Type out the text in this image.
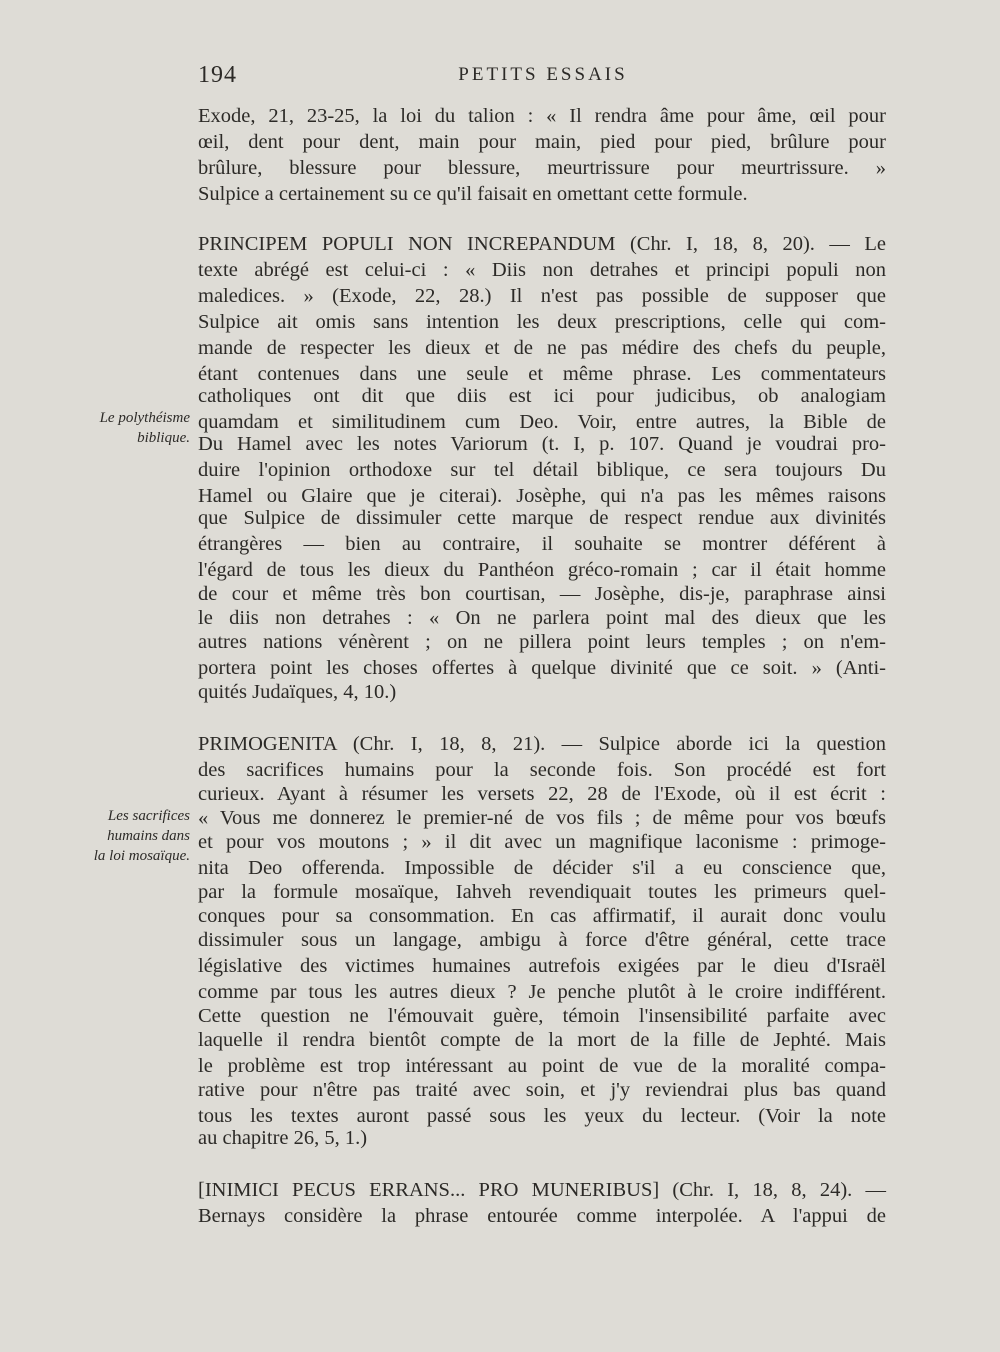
194	PETITS ESSAIS
Exode, 21, 23-25, la loi du talion : « Il rendra âme pour âme, œil pour
œil, dent pour dent, main pour main, pied pour pied, brûlure pour
brûlure, blessure pour blessure, meurtrissure pour meurtrissure. »
Sulpice a certainement su ce qu'il faisait en omettant cette formule.
PRINCIPEM POPULI NON INCREPANDUM (Chr. I, 18, 8, 20). — Le
texte abrégé est celui-ci : « Diis non detrahes et principi populi non
maledices. » (Exode, 22, 28.) Il n'est pas possible de supposer que
Sulpice ait omis sans intention les deux prescriptions, celle qui com-
mande de respecter les dieux et de ne pas médire des chefs du peuple,
étant contenues dans une seule et même phrase. Les commentateurs
catholiques ont dit que diis est ici pour judicibus, ob analogiam
quamdam et similitudinem cum Deo. Voir, entre autres, la Bible de
Du Hamel avec les notes Variorum (t. I, p. 107. Quand je voudrai pro-
duire l'opinion orthodoxe sur tel détail biblique, ce sera toujours Du
Hamel ou Glaire que je citerai). Josèphe, qui n'a pas les mêmes raisons
que Sulpice de dissimuler cette marque de respect rendue aux divinités
étrangères — bien au contraire, il souhaite se montrer déférent à
l'égard de tous les dieux du Panthéon gréco-romain ; car il était homme
de cour et même très bon courtisan, — Josèphe, dis-je, paraphrase ainsi
le diis non detrahes : « On ne parlera point mal des dieux que les
autres nations vénèrent ; on ne pillera point leurs temples ; on n'em-
portera point les choses offertes à quelque divinité que ce soit. » (Anti-
quités Judaïques, 4, 10.)
PRIMOGENITA (Chr. I, 18, 8, 21). — Sulpice aborde ici la question
des sacrifices humains pour la seconde fois. Son procédé est fort
curieux. Ayant à résumer les versets 22, 28 de l'Exode, où il est écrit :
« Vous me donnerez le premier-né de vos fils ; de même pour vos bœufs
et pour vos moutons ; » il dit avec un magnifique laconisme : primoge-
nita Deo offerenda. Impossible de décider s'il a eu conscience que,
par la formule mosaïque, Iahveh revendiquait toutes les primeurs quel-
conques pour sa consommation. En cas affirmatif, il aurait donc voulu
dissimuler sous un langage, ambigu à force d'être général, cette trace
législative des victimes humaines autrefois exigées par le dieu d'Israël
comme par tous les autres dieux ? Je penche plutôt à le croire indifférent.
Cette question ne l'émouvait guère, témoin l'insensibilité parfaite avec
laquelle il rendra bientôt compte de la mort de la fille de Jephté. Mais
le problème est trop intéressant au point de vue de la moralité compa-
rative pour n'être pas traité avec soin, et j'y reviendrai plus bas quand
tous les textes auront passé sous les yeux du lecteur. (Voir la note
au chapitre 26, 5, 1.)
[INIMICI PECUS ERRANS... PRO MUNERIBUS] (Chr. I, 18, 8, 24). —
Bernays considère la phrase entourée comme interpolée. A l'appui de
Le polythéisme
biblique.
Les sacrifices
humains dans
la loi mosaïque.
